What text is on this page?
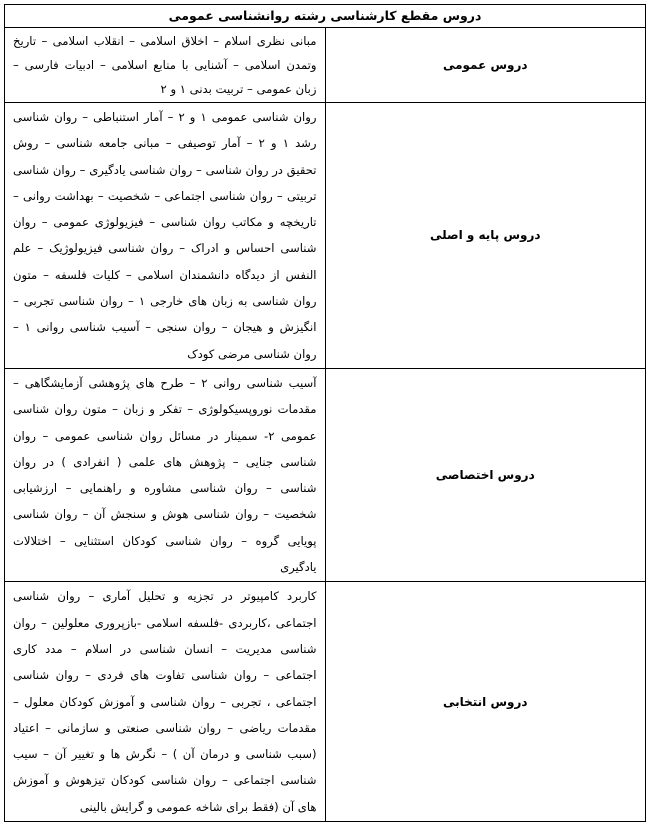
دروس مقطع کارشناسی رشته روانشناسی عمومی	
دروس عمومی	مبانی نظری اسلام – اخلاق اسلامی – انقلاب اسلامی – تاریخ وتمدن اسلامی – آشنایی با منابع اسلامی – ادبیات فارسی – زبان عمومی – تربیت بدنی ۱ و ۲
دروس پایه و اصلی	روان شناسی عمومی ۱ و ۲ – آمار استنباطی – روان شناسی رشد ۱ و ۲ – آمار توصیفی – مبانی جامعه شناسی – روش تحقیق در روان شناسی – روان شناسی یادگیری – روان شناسی تربیتی – روان شناسی اجتماعی – شخصیت – بهداشت روانی – تاریخچه و مکاتب روان شناسی – فیزیولوژی عمومی – روان شناسی احساس و ادراک – روان شناسی فیزیولوژیک – علم النفس از دیدگاه دانشمندان اسلامی – کلیات فلسفه – متون روان شناسی به زبان های خارجی ۱ – روان شناسی تجربی – انگیزش و هیجان – روان سنجی – آسیب شناسی روانی ۱ – روان شناسی مرضی کودک
دروس اختصاصی	آسیب شناسی روانی ۲ – طرح های پژوهشی آزمایشگاهی – مقدمات نوروپسیکولوژی – تفکر و زبان – متون روان شناسی عمومی ۲- سمینار در مسائل روان شناسی عمومی – روان شناسی جنایی – پژوهش های علمی ( انفرادی ) در روان شناسی – روان شناسی مشاوره و راهنمایی – ارزشیابی شخصیت – روان شناسی هوش و سنجش آن – روان شناسی پویایی گروه – روان شناسی کودکان استثنایی – اختلالات یادگیری
دروس انتخابی	کاربرد کامپیوتر در تجزیه و تحلیل آماری – روان شناسی اجتماعی ،کاربردی -فلسفه اسلامی -بازپروری معلولین – روان شناسی مدیریت – انسان شناسی در اسلام – مدد کاری اجتماعی – روان شناسی تفاوت های فردی – روان شناسی اجتماعی ، تجربی – روان شناسی و آموزش کودکان معلول – مقدمات ریاضی – روان شناسی صنعتی و سازمانی – اعتیاد (سبب شناسی و درمان آن ) – نگرش ها و تغییر آن – سیب شناسی اجتماعی – روان شناسی کودکان تیزهوش و آموزش های آن (فقط برای شاخه عمومی و گرایش بالینی
